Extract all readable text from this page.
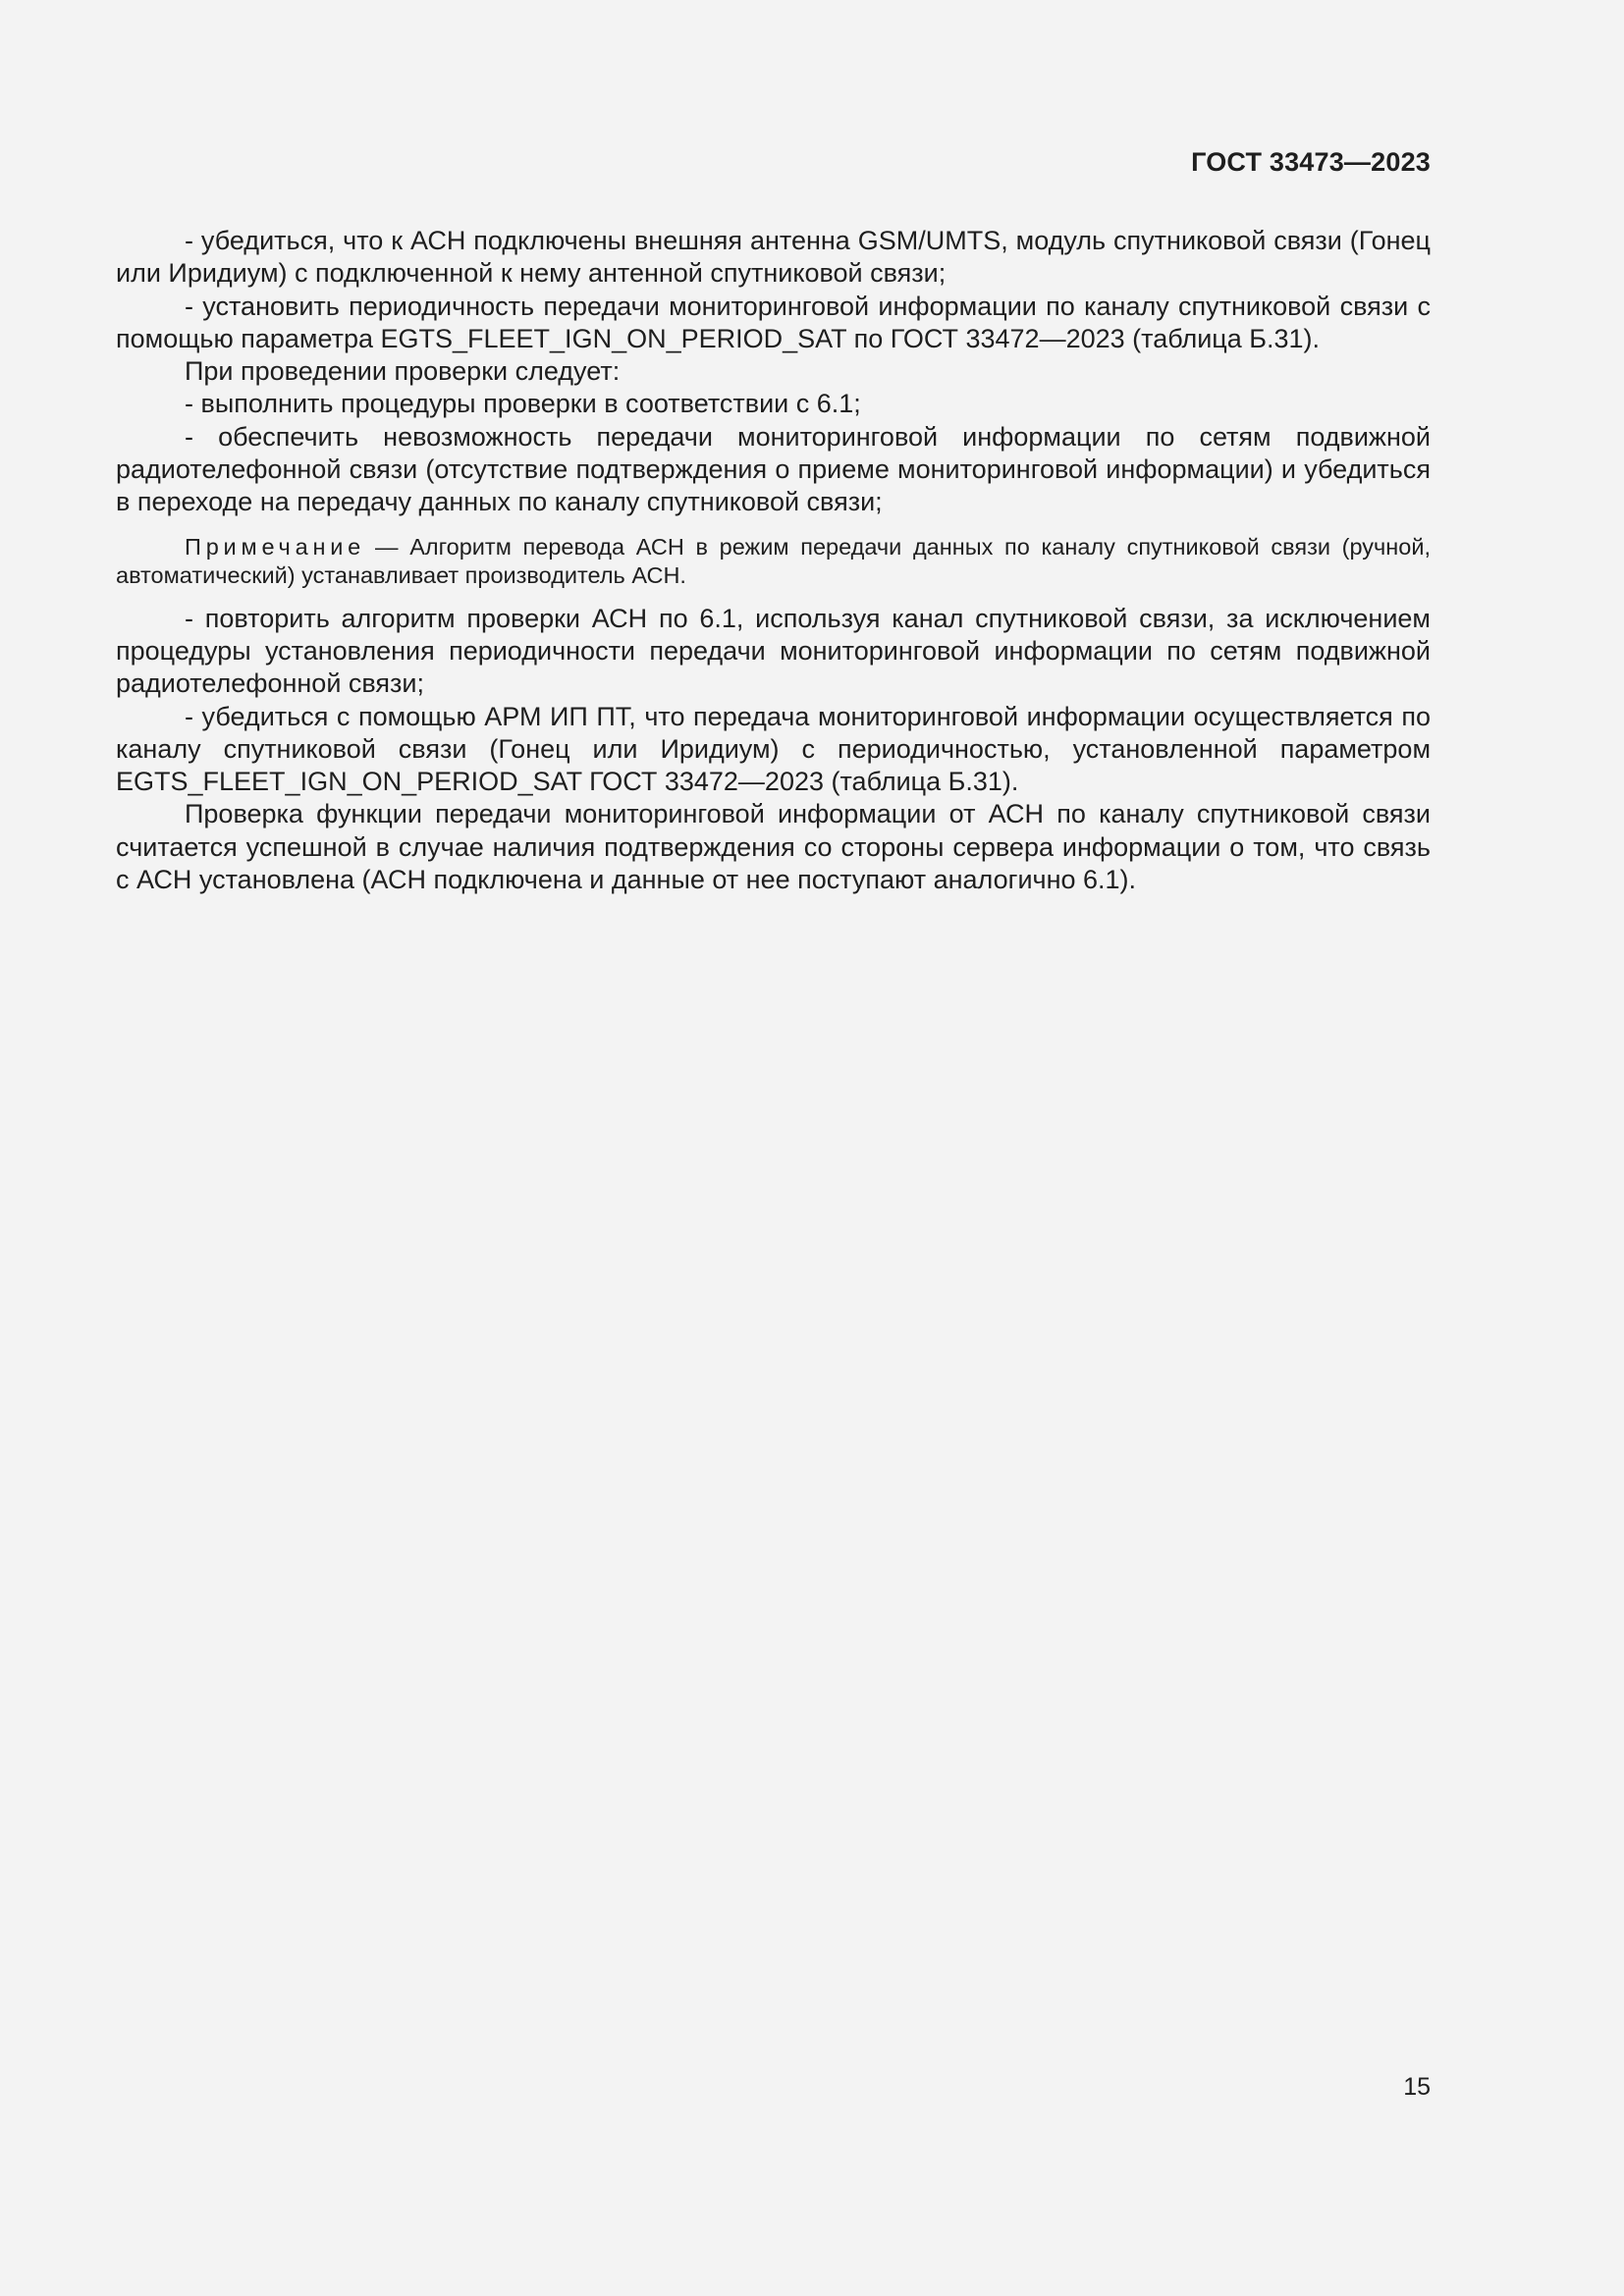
ГОСТ 33473—2023

- убедиться, что к АСН подключены внешняя антенна GSM/UMTS, модуль спутниковой связи (Гонец или Иридиум) с подключенной к нему антенной спутниковой связи;

- установить периодичность передачи мониторинговой информации по каналу спутниковой связи с помощью параметра EGTS_FLEET_IGN_ON_PERIOD_SAT по ГОСТ 33472—2023 (таблица Б.31).

При проведении проверки следует:

- выполнить процедуры проверки в соответствии с 6.1;

- обеспечить невозможность передачи мониторинговой информации по сетям подвижной радиотелефонной связи (отсутствие подтверждения о приеме мониторинговой информации) и убедиться в переходе на передачу данных по каналу спутниковой связи;

Примечание — Алгоритм перевода АСН в режим передачи данных по каналу спутниковой связи (ручной, автоматический) устанавливает производитель АСН.

- повторить алгоритм проверки АСН по 6.1, используя канал спутниковой связи, за исключением процедуры установления периодичности передачи мониторинговой информации по сетям подвижной радиотелефонной связи;

- убедиться с помощью АРМ ИП ПТ, что передача мониторинговой информации осуществляется по каналу спутниковой связи (Гонец или Иридиум) с периодичностью, установленной параметром EGTS_FLEET_IGN_ON_PERIOD_SAT ГОСТ 33472—2023 (таблица Б.31).

Проверка функции передачи мониторинговой информации от АСН по каналу спутниковой связи считается успешной в случае наличия подтверждения со стороны сервера информации о том, что связь с АСН установлена (АСН подключена и данные от нее поступают аналогично 6.1).

15
